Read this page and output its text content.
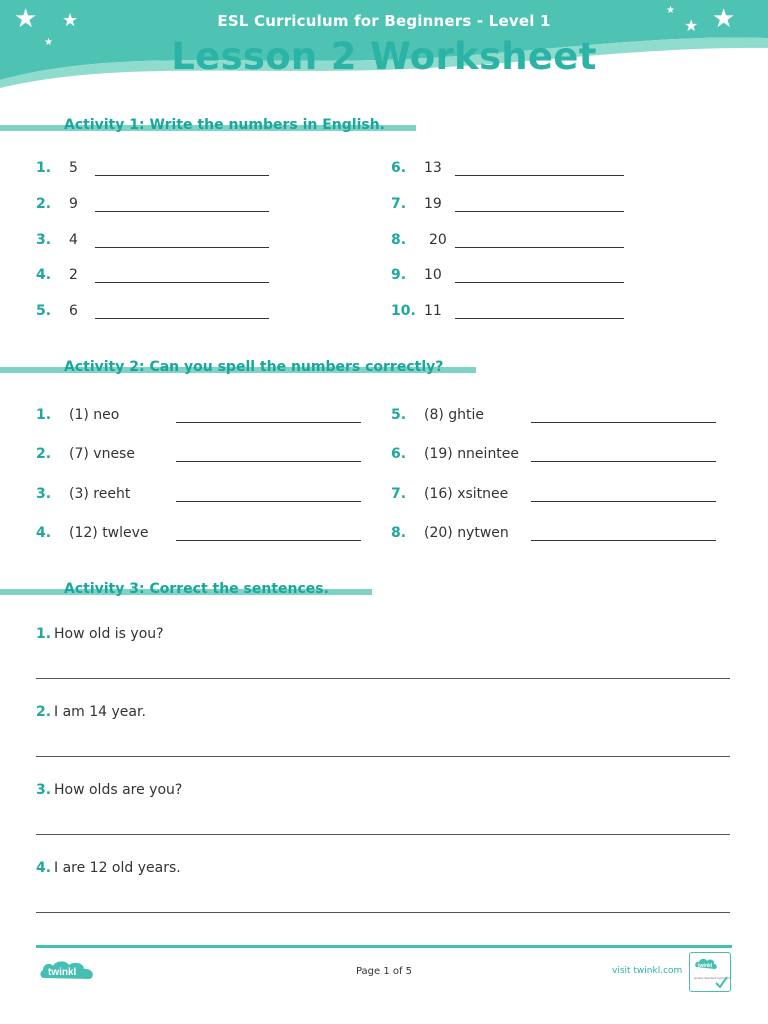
★ ★
★
★
★
★
ESL Curriculum for Beginners - Level 1
Lesson 2 Worksheet
Activity 1: Write the numbers in English.
1. 5
2. 9
3. 4
4. 2
5. 6
6. 13
7. 19
8. 20
9. 10
10. 11
Activity 2: Can you spell the numbers correctly?
1. (1) neo
2. (7) vnese
3. (3) reeht
4. (12) twleve
5. (8) ghtie
6. (19) nneintee
7. (16) xsitnee
8. (20) nytwen
Activity 3: Correct the sentences.
1. How old is you?
2. I am 14 year.
3. How olds are you?
4. I are 12 old years.
twinkl	Page 1 of 5	visit twinkl.com	twinkl
Quality Standard Approved
